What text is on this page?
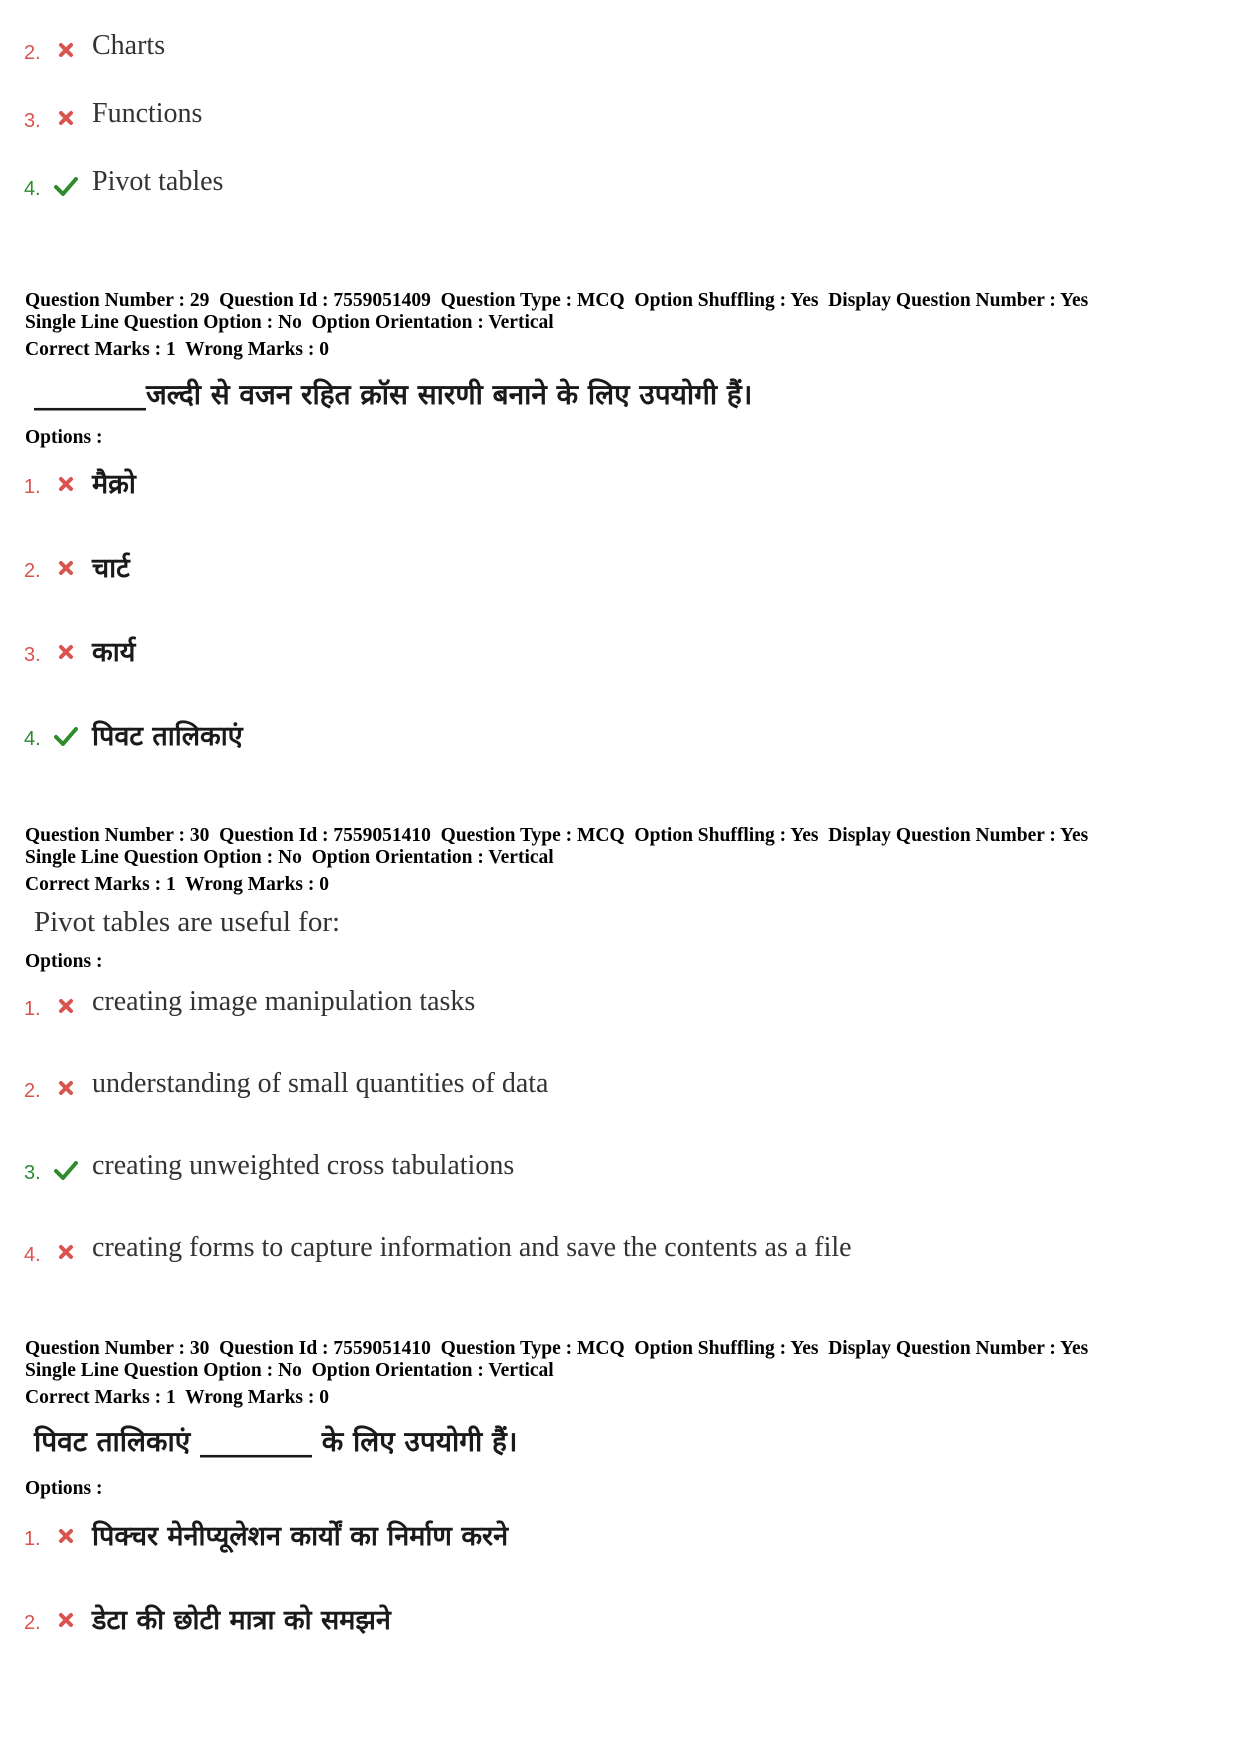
2. Charts
3. Functions
4. Pivot tables
Question Number : 29  Question Id : 7559051409  Question Type : MCQ  Option Shuffling : Yes  Display Question Number : Yes
Single Line Question Option : No  Option Orientation : Vertical
Correct Marks : 1  Wrong Marks : 0
________जल्दी से वजन रहित क्रॉस सारणी बनाने के लिए उपयोगी हैं।
Options :
1. मैक्रो
2. चार्ट
3. कार्य
4. पिवट तालिकाएं
Question Number : 30  Question Id : 7559051410  Question Type : MCQ  Option Shuffling : Yes  Display Question Number : Yes
Single Line Question Option : No  Option Orientation : Vertical
Correct Marks : 1  Wrong Marks : 0
Pivot tables are useful for:
Options :
1. creating image manipulation tasks
2. understanding of small quantities of data
3. creating unweighted cross tabulations
4. creating forms to capture information and save the contents as a file
Question Number : 30  Question Id : 7559051410  Question Type : MCQ  Option Shuffling : Yes  Display Question Number : Yes
Single Line Question Option : No  Option Orientation : Vertical
Correct Marks : 1  Wrong Marks : 0
पिवट तालिकाएं ________ के लिए उपयोगी हैं।
Options :
1. पिक्चर मेनीप्यूलेशन कार्यों का निर्माण करने
2. डेटा की छोटी मात्रा को समझने
